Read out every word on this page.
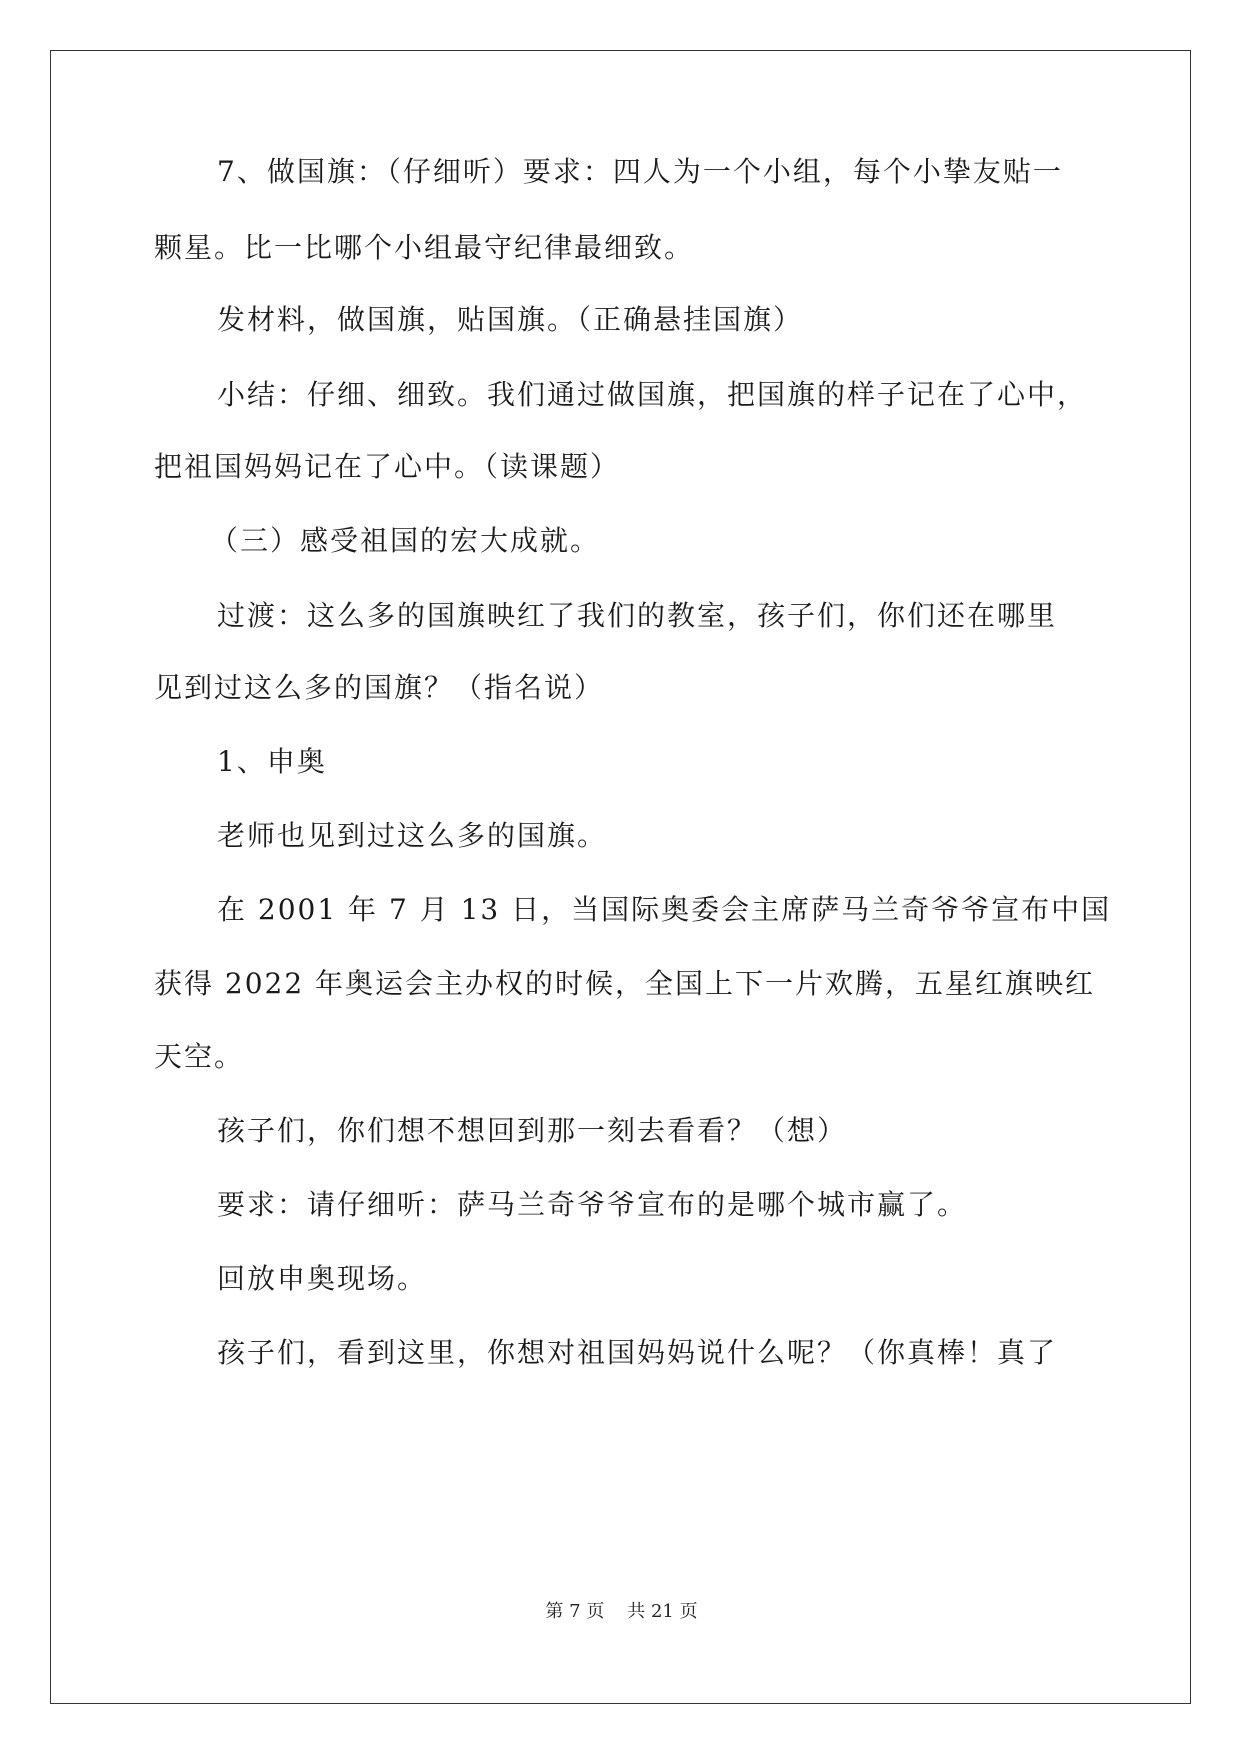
7、做国旗：（仔细听）要求：四人为一个小组，每个小挚友贴一

颗星。比一比哪个小组最守纪律最细致。

发材料，做国旗，贴国旗。（正确悬挂国旗）

小结：仔细、细致。我们通过做国旗，把国旗的样子记在了心中，

把祖国妈妈记在了心中。（读课题）

（三）感受祖国的宏大成就。

过渡：这么多的国旗映红了我们的教室，孩子们，你们还在哪里

见到过这么多的国旗？（指名说）

1、申奥

老师也见到过这么多的国旗。

在 2001 年 7 月 13 日，当国际奥委会主席萨马兰奇爷爷宣布中国

获得 2022 年奥运会主办权的时候，全国上下一片欢腾，五星红旗映红

天空。

孩子们，你们想不想回到那一刻去看看？（想）

要求：请仔细听：萨马兰奇爷爷宣布的是哪个城市赢了。

回放申奥现场。

孩子们，看到这里，你想对祖国妈妈说什么呢？（你真棒！真了

第 7 页 共 21 页
